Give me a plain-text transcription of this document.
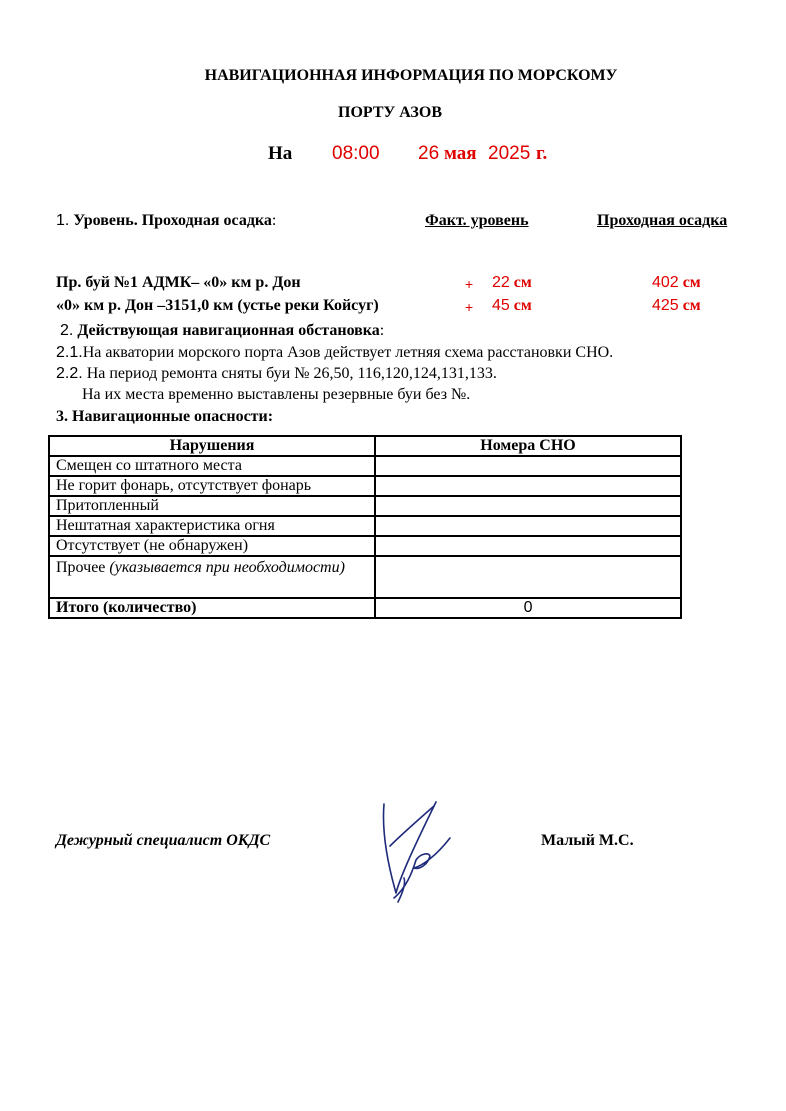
НАВИГАЦИОННАЯ ИНФОРМАЦИЯ ПО МОРСКОМУ
ПОРТУ АЗОВ
На 08:00 26 мая 2025 г.
1. Уровень. Проходная осадка:	Факт. уровень	Проходная осадка
Пр. буй №1 АДМК– «0» км р. Дон	+ 22 см	402 см
«0» км р. Дон –3151,0 км (устье реки Койсуг)	+ 45 см	425 см
2. Действующая навигационная обстановка:
2.1.На акватории морского порта Азов действует летняя схема расстановки СНО.
2.2. На период ремонта сняты буи № 26,50, 116,120,124,131,133.
На их места временно выставлены резервные буи без №.
3. Навигационные опасности:
Нарушения	Номера СНО
Смещен со штатного места	
Не горит фонарь, отсутствует фонарь	
Притопленный	
Нештатная характеристика огня	
Отсутствует (не обнаружен)	
Прочее (указывается при необходимости)	
Итого (количество)	0
Дежурный специалист ОКДС	Малый М.С.
